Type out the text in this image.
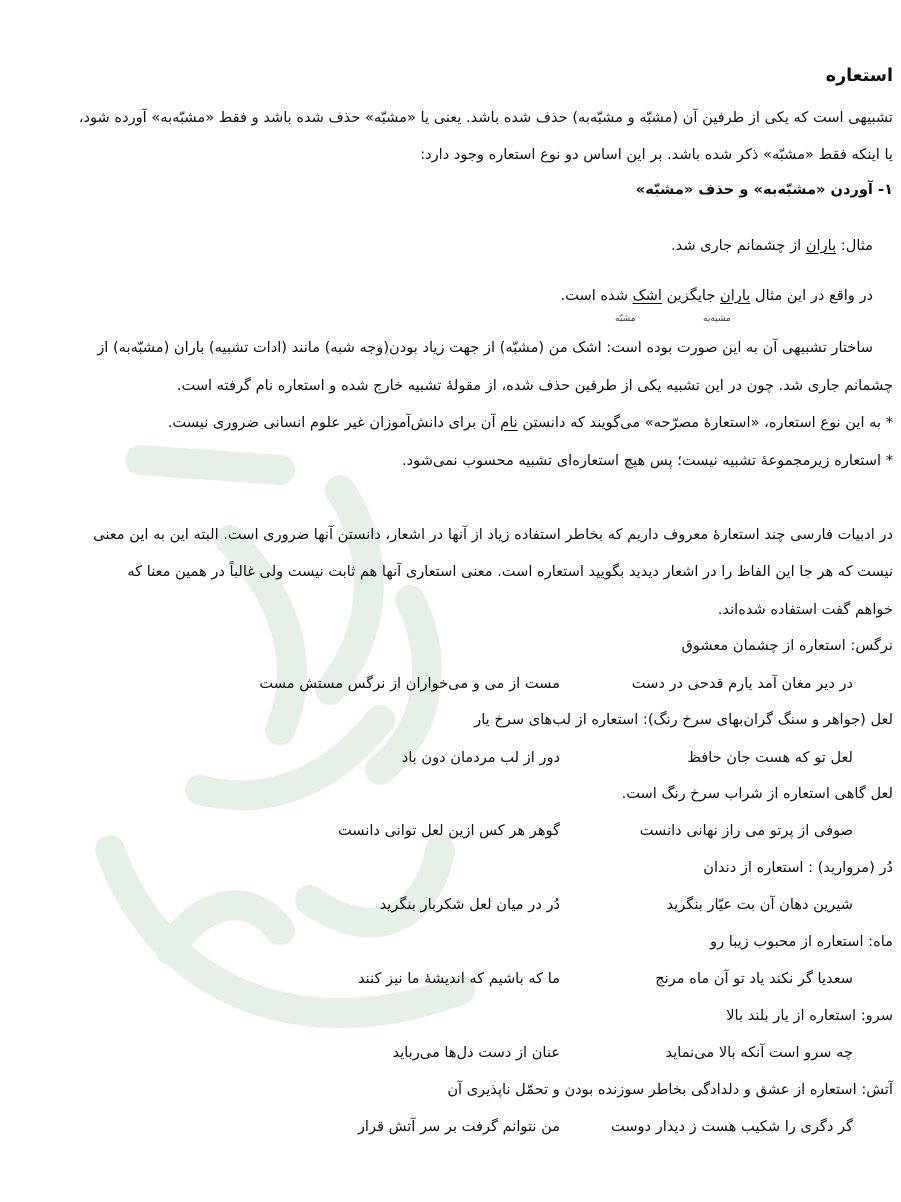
استعاره
تشبیهی است که یکی از طرفین آن (مشبّه و مشبّه‌به) حذف شده باشد. یعنی یا «مشبّه» حذف شده باشد و فقط «مشبّه‌به» آورده شود،
یا اینکه فقط «مشبّه» ذکر شده باشد. بر این اساس دو نوع استعاره وجود دارد:
۱- آوردن «مشبّه‌به» و حذف «مشبّه»
مثال: باران از چشمانم جاری شد.
در واقع در این مثال باران جایگزین اشک شده است.
مشبه‌به
مشبّه
ساختار تشبیهی آن به این صورت بوده است: اشک من (مشبّه) از جهت زیاد بودن(وجه شبه) مانند (ادات تشبیه) باران (مشبّه‌به) از
چشمانم جاری شد. چون در این تشبیه یکی از طرفین حذف شده، از مقولهٔ تشبیه خارج شده و استعاره نام گرفته است.
* به این نوع استعاره، «استعارهٔ مصرّحه» می‌گویند که دانستن نام آن برای دانش‌آموزان غیر علوم انسانی ضروری نیست.
* استعاره زیرمجموعهٔ تشبیه نیست؛ پس هیچ استعاره‌ای تشبیه محسوب نمی‌شود.
در ادبیات فارسی چند استعارهٔ معروف داریم که بخاطر استفاده زیاد از آنها در اشعار، دانستن آنها ضروری است. البته این به این معنی
نیست که هر جا این الفاظ را در اشعار دیدید بگویید استعاره است. معنی استعاری آنها هم ثابت نیست ولی غالباً در همین معنا که
خواهم گفت استفاده شده‌اند.
نرگس: استعاره از چشمان معشوق
در دیر مغان آمد یارم قدحی در دست
مست از می و می‌خواران از نرگس مستش مست
لعل (جواهر و سنگ گران‌بهای سرخ رنگ): استعاره از لب‌های سرخ یار
لعل تو که هست جان حافظ
دور از لب مردمان دون باد
لعل گاهی استعاره از شراب سرخ رنگ است.
صوفی از پرتو می راز نهانی دانست
گوهر هر کس ازین لعل توانی دانست
دُر (مروارید) : استعاره از دندان
شیرین دهان آن بت عیّار بنگرید
دُر در میان لعل شکربار بنگرید
ماه: استعاره از محبوب زیبا رو
سعدیا گر نکند یاد تو آن ماه مرنج
ما که باشیم که اندیشهٔ ما نیز کنند
سرو: استعاره از یار بلند بالا
چه سرو است آنکه بالا می‌نماید
عنان از دست دل‌ها می‌رباید
آتش: استعاره از عشق و دلدادگی بخاطر سوزنده بودن و تحمّل ناپذیری آن
گر دگری را شکیب هست ز دیدار دوست
من نتوانم گرفت بر سر آتش قرار
